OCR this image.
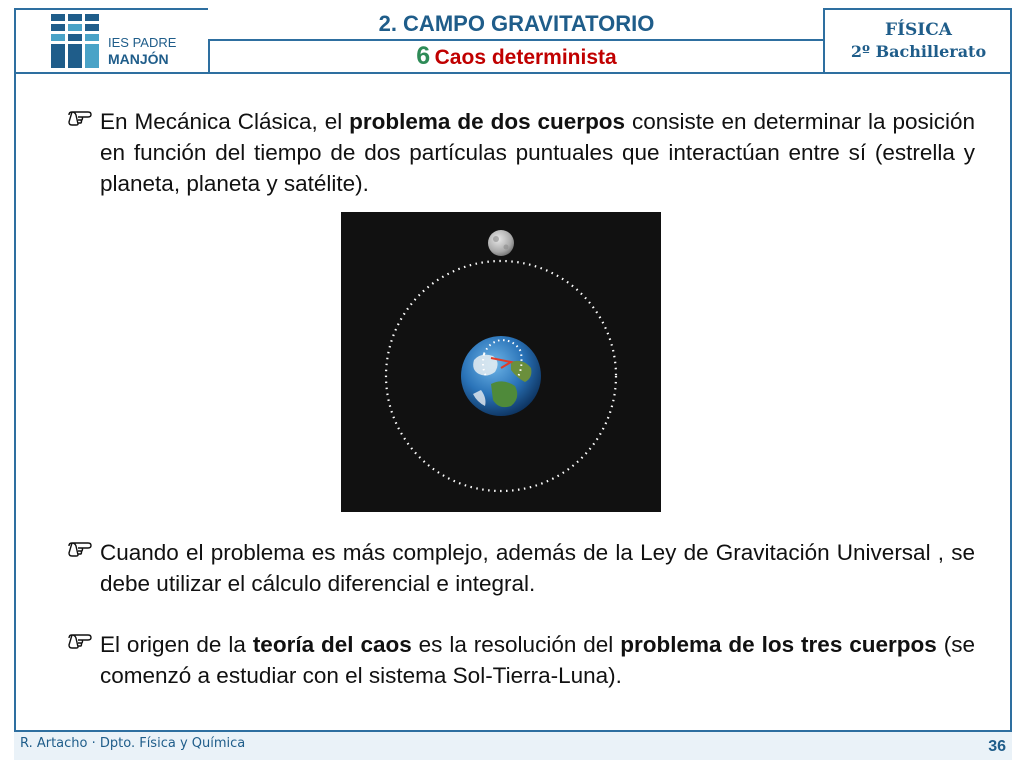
IES PADRE
MANJÓN
2. CAMPO GRAVITATORIO
6 Caos determinista
FÍSICA
2º Bachillerato
En Mecánica Clásica, el problema de dos cuerpos consiste en determinar la posición en función del tiempo de dos partículas puntuales que interactúan entre sí (estrella y planeta, planeta y satélite).
Cuando el problema es más complejo, además de la Ley de Gravitación Universal , se debe utilizar el cálculo diferencial e integral.
El origen de la teoría del caos es la resolución del problema de los tres cuerpos (se comenzó a estudiar con el sistema Sol-Tierra-Luna).
R. Artacho · Dpto. Física y Química	36
